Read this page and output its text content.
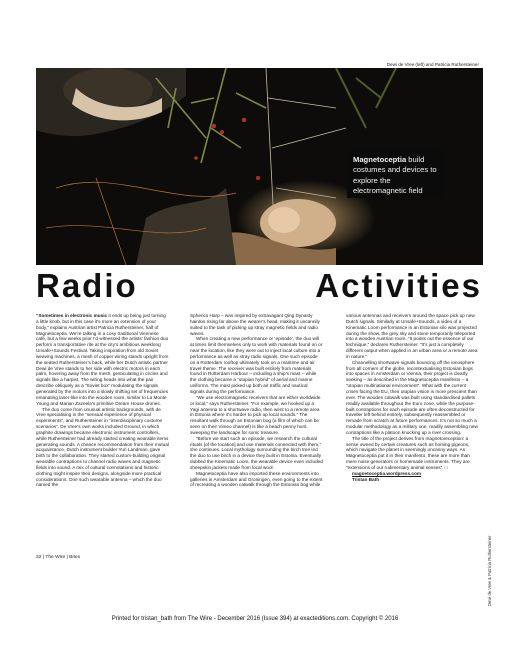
Dewi de Vree (left) and Patricia Ruthersteiner
Magnetoceptia build costumes and devices to explore the electromagnetic field
Radio	Activities

“Sometimes in electronic music it ends up being just turning a little knob, but in this case it’s more an extension of your body,” explains Austrian artist Patricia Ruthersteiner, half of Magnetoceptia. We’re talking in a cosy traditional Viennese café, but a few weeks prior I’d witnessed the artists’ fashion duo perform a transportative rite at the city’s ambitious weeklong Unsafe+Sounds Festival. Taking inspiration from old Soviet weaving machines, a mesh of copper wiring stands upright from the seated Ruthersteiner’s back, while her Dutch artistic partner Dewi de Vree stands to her side with electric motors in each palm, hovering away from the mesh, gesticulating in circles and signals like a harpist. The wiring heads into what the pair describe obliquely as a “Soviet box” modulating the signals generated by the motors into a slowly shifting set of frequencies emanating laser-like into the wooden room, similar to La Monte Young and Marian Zazeela’s primitive Dream House drones.

The duo come from unusual artistic backgrounds, with de Vree specialising in the “sensual experience of physical experiments”, and Ruthersteiner in “interdisciplinary costume scenarios”. De Vree’s own works included Ground, in which graphite drawings became electronic instrument controllers, while Ruthersteiner had already started creating wearable items generating sounds. A chance recommendation from their mutual acquaintance, Dutch instrument builder Yuri Landman, gave birth to the collaboration. They started custom-building original wearable contraptions to channel radio waves and magnetic fields into sound. A mix of cultural connotations and historic clothing might inspire their designs, alongside more practical considerations. One such wearable antenna – which the duo named the

Spherics Harp – was inspired by extravagant Qing Dynasty hairdos rising far above the wearer’s head, making it uncannily suited to the task of picking up stray magnetic fields and radio waves.

When creating a new performance or ‘episode’, the duo will at times limit themselves only to work with materials found on or near the location, like they were out to inject local culture into a performance as well as stray radio signals. One such episode on a Rotterdam rooftop ultimately took on a maritime and air travel theme. The receiver was built entirely from materials found in Rotterdam Harbour – including a ship’s mast – while the clothing became a “utopian hybrid” of aerial and marine uniforms. The mast picked up both air traffic and nautical signals during the performance.

“We use electromagnetic receivers that are either worldwide or local,” says Ruthersteiner. “For example, we hooked up a Yagi antenna to a shortwave radio, then went to a remote area in Estonia where it’s harder to pick up local sounds.” The resultant walk through an Estonian bog (a film of which can be seen on their Vimeo channel) is like a beach penny hunt, sweeping the landscape for sonic treasure.

“Before we start such an episode, we research the cultural rituals [of the location] and use materials connected with them,” she continues. Local mythology surrounding the birch tree led the duo to use birch in a device they built in Estonia. Eventually dubbed the Kinematic Loom, the wearable device even included sheepskin jackets made from local wool.

Magnetoceptia have also imported these environments into galleries in Amsterdam and Groningen, even going to the extent of recreating a wooden catwalk through the Estonian bog while

various antennas and receivers around the space pick up new Dutch signals. Similarly at Unsafe+Sounds, a video of a Kinematic Loom performance in an Estonian silo was projected during the show, the grey sky and stone temporarily teleported into a wooden Austrian room. “It points out the essence of our technique,” declares Ruthersteiner. “It’s just a completely different output when applied in an urban area or a remote area in nature.”

Channelling shortwave signals bouncing off the ionosphere from all corners of the globe, recontextualising Estonian bogs into spaces in Amsterdam or Vienna, their project is clearly seeking – as described in the Magnetoceptia manifesto – a “utopian multinational environment”. What with the current crises facing the EU, their utopian vision is more prescient than ever. The wooden catwalk was built using standardised pallets readily available throughout the Euro zone, while the purpose-built contraptions for each episode are often deconstructed for traveller left behind entirely, subsequently reassembled or remade from scratch at future performances. It’s not so much a modular methodology as a military one, readily assembling new contraptions like a platoon knocking up a river crossing.

The title of the project derives from magnetoreception: a sense owned by certain creatures such as homing pigeons, which navigate the planet in seemingly uncanny ways. As Magnetoceptia put it in their manifesto, these are more than mere noise generators or homemade instruments. They are “extensions of our rudimentary animal senses”. □

magnetoceptia.wordpress.com

Tristan Bath

Dewi de Vree & Patricia Ruthersteiner
32 | The Wire | Bites
Printed for tristan_bath from The Wire - December 2016 (Issue 394) at exacteditions.com. Copyright © 2016
